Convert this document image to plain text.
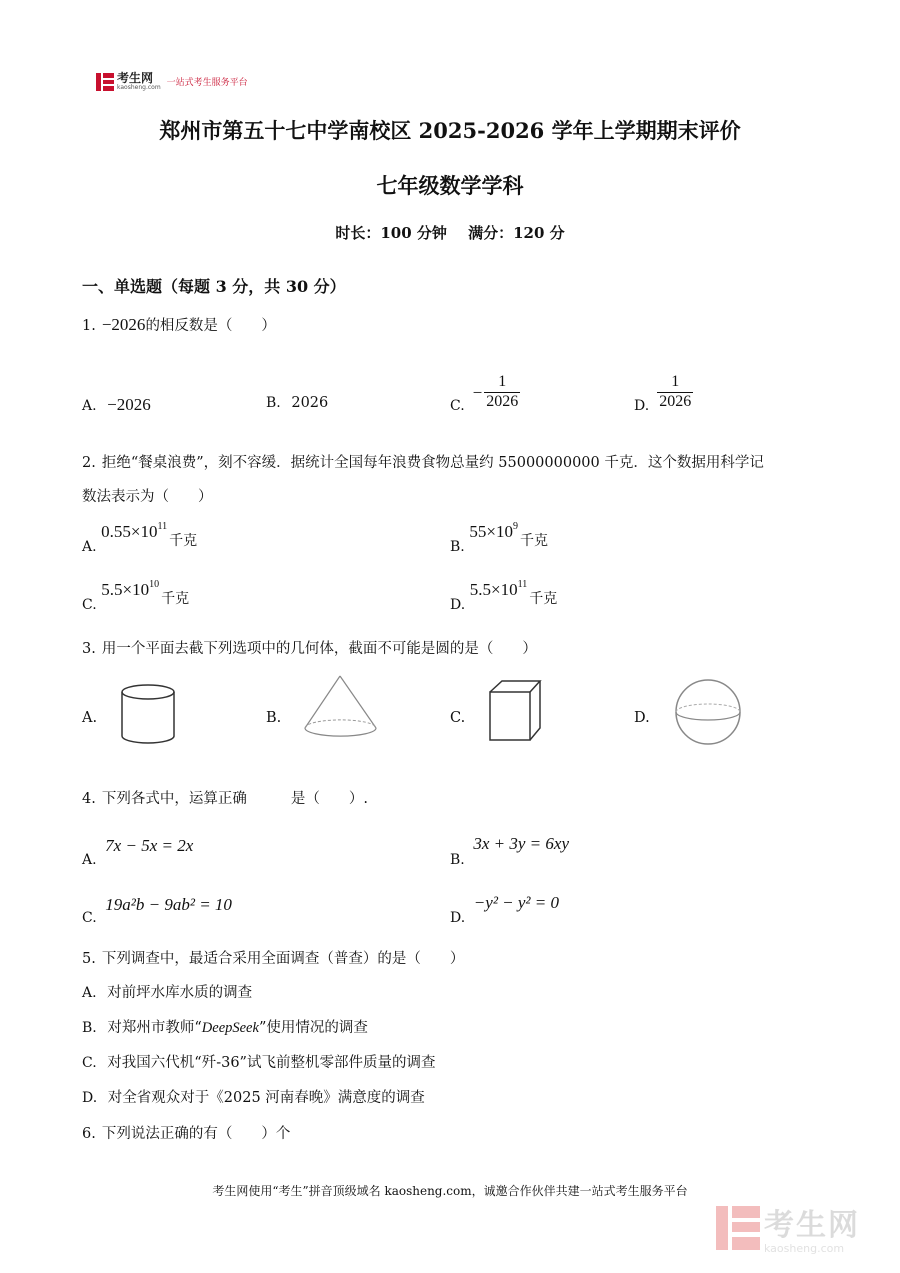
考生网
kaosheng.com 一站式考生服务平台
郑州市第五十七中学南校区 2025-2026 学年上学期期末评价
七年级数学学科
时长：100 分钟 满分：120 分
一、单选题（每题 3 分，共 30 分）
1. −2026的相反数是（　　）
A. −2026	B. 2026	C.
− $\frac{1}{2026}$	D. $\frac{1}{2026}$
2. 拒绝“餐桌浪费”，刻不容缓．据统计全国每年浪费食物总量约 55000000000 千克．这个数据用科学记
数法表示为（　　）
A. $0.55\times 10^{11}$千克	B. $55\times 10^9$千克
C. $5.5\times 10^{10}$千克	D. $5.5\times 10^{11}$千克
3. 用一个平面去截下列选项中的几何体，截面不可能是圆的是（　　）
A.	B.	C.	D.
4. 下列各式中，运算正确	是（　　）.
A. 7x − 5x = 2x
B. 3x + 3y = 6xy
C. 19a²b − 9ab² = 10
D. −y² − y² = 0
5. 下列调查中，最适合采用全面调查（普查）的是（　　）
A. 对前坪水库水质的调查
B. 对郑州市教师“DeepSeek”使用情况的调查
C. 对我国六代机“歼-36”试飞前整机零部件质量的调查
D. 对全省观众对于《2025 河南春晚》满意度的调查
6. 下列说法正确的有（　　）个
考生网使用“考生”拼音顶级域名 kaosheng.com，诚邀合作伙伴共建一站式考生服务平台
考生网
kaosheng.com
